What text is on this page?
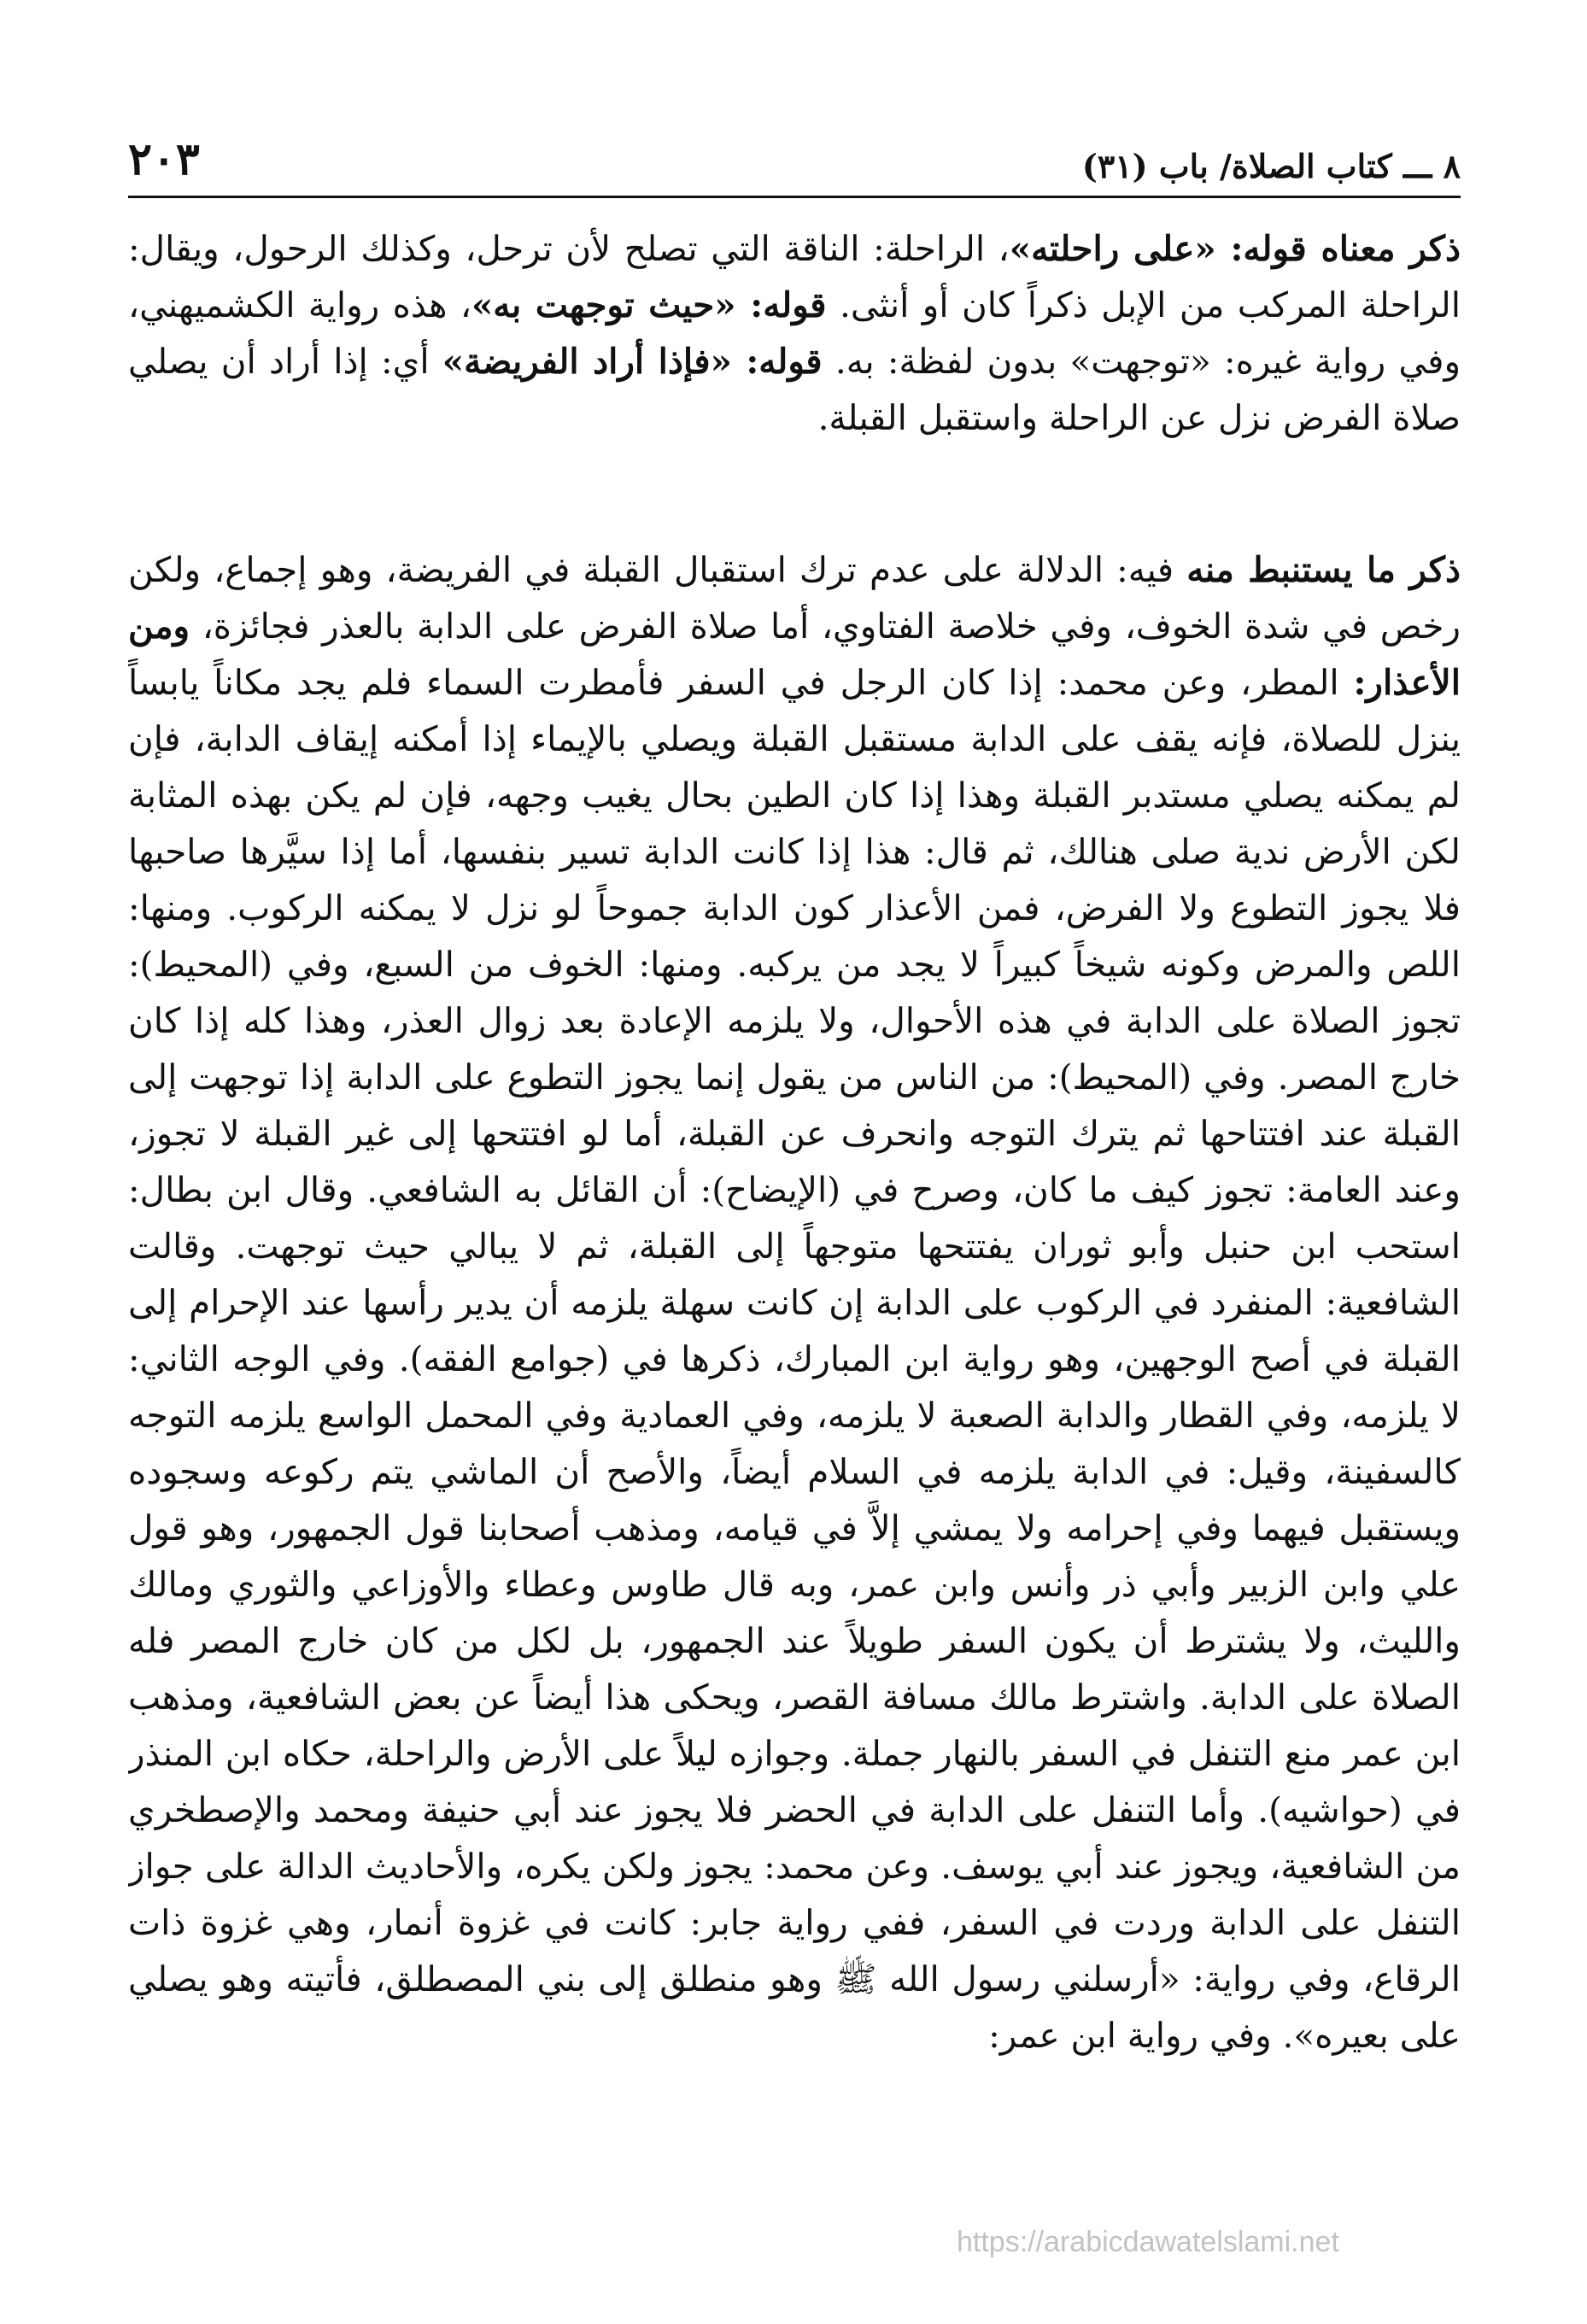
٨ ـــ كتاب الصلاة/ باب (٣١)
٢٠٣

ذكر معناه قوله: «على راحلته»، الراحلة: الناقة التي تصلح لأن ترحل، وكذلك الرحول، ويقال: الراحلة المركب من الإبل ذكراً كان أو أنثى. قوله: «حيث توجهت به»، هذه رواية الكشميهني، وفي رواية غيره: «توجهت» بدون لفظة: به. قوله: «فإذا أراد الفريضة» أي: إذا أراد أن يصلي صلاة الفرض نزل عن الراحلة واستقبل القبلة.

ذكر ما يستنبط منه فيه: الدلالة على عدم ترك استقبال القبلة في الفريضة، وهو إجماع، ولكن رخص في شدة الخوف، وفي خلاصة الفتاوي، أما صلاة الفرض على الدابة بالعذر فجائزة، ومن الأعذار: المطر، وعن محمد: إذا كان الرجل في السفر فأمطرت السماء فلم يجد مكاناً يابساً ينزل للصلاة، فإنه يقف على الدابة مستقبل القبلة ويصلي بالإيماء إذا أمكنه إيقاف الدابة، فإن لم يمكنه يصلي مستدبر القبلة وهذا إذا كان الطين بحال يغيب وجهه، فإن لم يكن بهذه المثابة لكن الأرض ندية صلى هنالك، ثم قال: هذا إذا كانت الدابة تسير بنفسها، أما إذا سيَّرها صاحبها فلا يجوز التطوع ولا الفرض، فمن الأعذار كون الدابة جموحاً لو نزل لا يمكنه الركوب. ومنها: اللص والمرض وكونه شيخاً كبيراً لا يجد من يركبه. ومنها: الخوف من السبع، وفي (المحيط): تجوز الصلاة على الدابة في هذه الأحوال، ولا يلزمه الإعادة بعد زوال العذر، وهذا كله إذا كان خارج المصر. وفي (المحيط): من الناس من يقول إنما يجوز التطوع على الدابة إذا توجهت إلى القبلة عند افتتاحها ثم يترك التوجه وانحرف عن القبلة، أما لو افتتحها إلى غير القبلة لا تجوز، وعند العامة: تجوز كيف ما كان، وصرح في (الإيضاح): أن القائل به الشافعي. وقال ابن بطال: استحب ابن حنبل وأبو ثوران يفتتحها متوجهاً إلى القبلة، ثم لا يبالي حيث توجهت. وقالت الشافعية: المنفرد في الركوب على الدابة إن كانت سهلة يلزمه أن يدير رأسها عند الإحرام إلى القبلة في أصح الوجهين، وهو رواية ابن المبارك، ذكرها في (جوامع الفقه). وفي الوجه الثاني: لا يلزمه، وفي القطار والدابة الصعبة لا يلزمه، وفي العمادية وفي المحمل الواسع يلزمه التوجه كالسفينة، وقيل: في الدابة يلزمه في السلام أيضاً، والأصح أن الماشي يتم ركوعه وسجوده ويستقبل فيهما وفي إحرامه ولا يمشي إلاَّ في قيامه، ومذهب أصحابنا قول الجمهور، وهو قول علي وابن الزبير وأبي ذر وأنس وابن عمر، وبه قال طاوس وعطاء والأوزاعي والثوري ومالك والليث، ولا يشترط أن يكون السفر طويلاً عند الجمهور، بل لكل من كان خارج المصر فله الصلاة على الدابة. واشترط مالك مسافة القصر، ويحكى هذا أيضاً عن بعض الشافعية، ومذهب ابن عمر منع التنفل في السفر بالنهار جملة. وجوازه ليلاً على الأرض والراحلة، حكاه ابن المنذر في (حواشيه). وأما التنفل على الدابة في الحضر فلا يجوز عند أبي حنيفة ومحمد والإصطخري من الشافعية، ويجوز عند أبي يوسف. وعن محمد: يجوز ولكن يكره، والأحاديث الدالة على جواز التنفل على الدابة وردت في السفر، ففي رواية جابر: كانت في غزوة أنمار، وهي غزوة ذات الرقاع، وفي رواية: «أرسلني رسول الله ﷺ وهو منطلق إلى بني المصطلق، فأتيته وهو يصلي على بعيره». وفي رواية ابن عمر:

https://arabicdawatelslami.net
